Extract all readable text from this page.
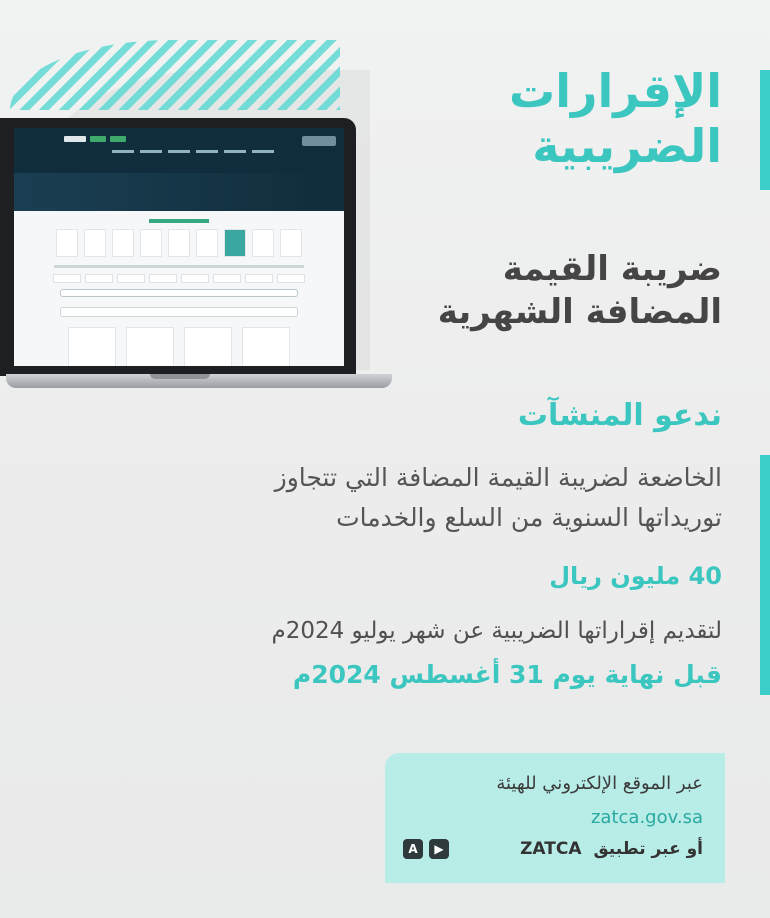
الإقرارات
الضريبية
ضريبة القيمة
المضافة الشهرية
ندعو المنشآت
الخاضعة لضريبة القيمة المضافة التي تتجاوز
توريداتها السنوية من السلع والخدمات
40 مليون ريال
لتقديم إقراراتها الضريبية عن شهر يوليو 2024م
قبل نهاية يوم 31 أغسطس 2024م
عبر الموقع الإلكتروني للهيئة
zatca.gov.sa
أو عبر تطبيق
ZATCA
▶
A
